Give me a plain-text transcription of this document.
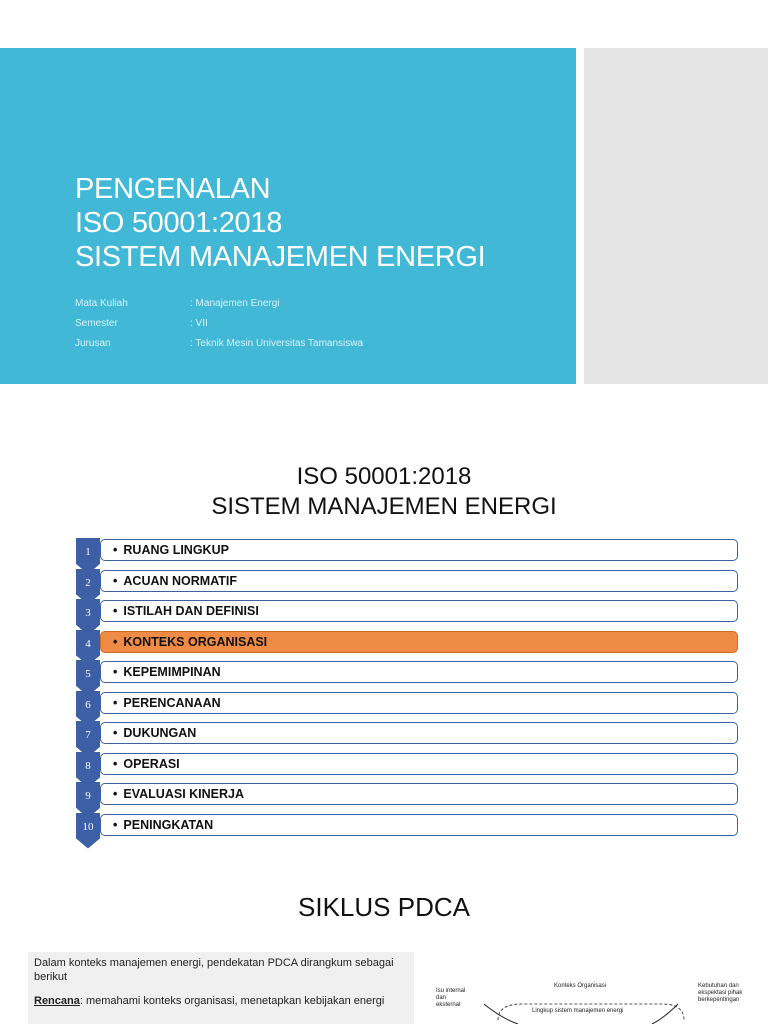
PENGENALAN
ISO 50001:2018
SISTEM MANAJEMEN ENERGI
Mata Kuliah	: Manajemen Energi
Semester	: VII
Jurusan	: Teknik Mesin Universitas Tamansiswa
ISO 50001:2018
SISTEM MANAJEMEN ENERGI
1	• RUANG LINGKUP
2	• ACUAN NORMATIF
3	• ISTILAH DAN DEFINISI
4	• KONTEKS ORGANISASI
5	• KEPEMIMPINAN
6	• PERENCANAAN
7	• DUKUNGAN
8	• OPERASI
9	• EVALUASI KINERJA
10	• PENINGKATAN
SIKLUS PDCA

Dalam konteks manajemen energi, pendekatan PDCA dirangkum sebagai berikut

Rencana: memahami konteks organisasi, menetapkan kebijakan energi

Isu internal
dan
eksternal
Konteks Organisasi	Kebutuhan dan
ekspektasi pihak
berkepentingan
Lingkup sistem manajemen energi
